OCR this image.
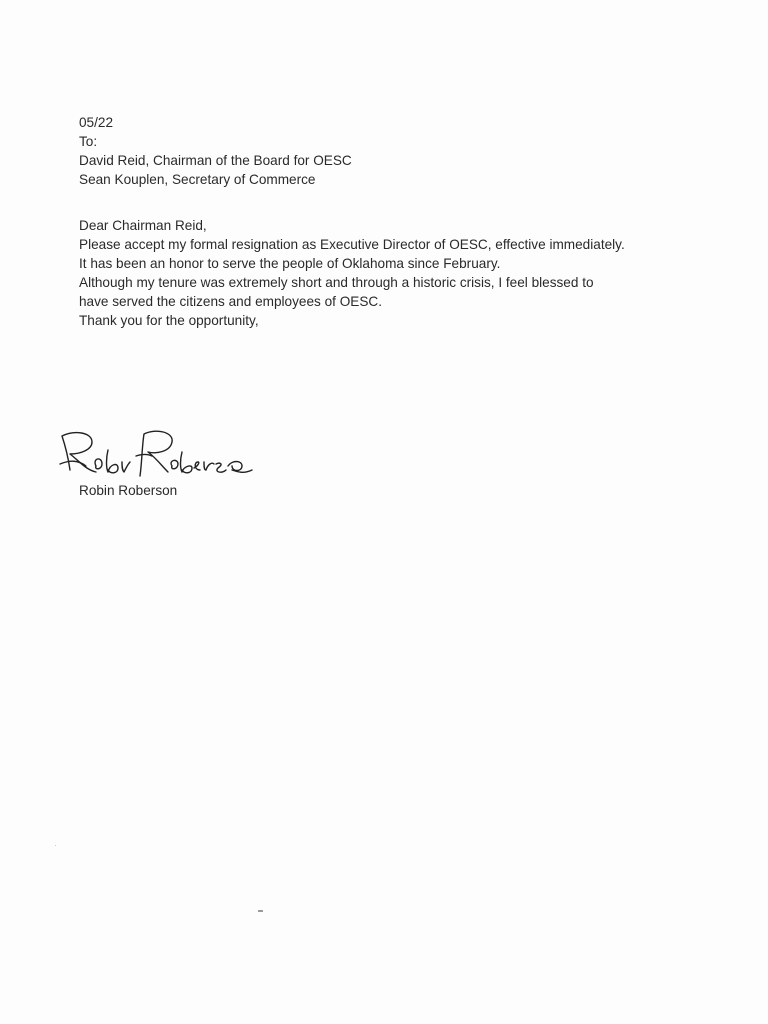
05/22

To:

David Reid, Chairman of the Board for OESC

Sean Kouplen, Secretary of Commerce

Dear Chairman Reid,

Please accept my formal resignation as Executive Director of OESC, effective immediately.

It has been an honor to serve the people of Oklahoma since February.

Although my tenure was extremely short and through a historic crisis, I feel blessed to have served the citizens and employees of OESC.

Thank you for the opportunity,

Robin Roberson
